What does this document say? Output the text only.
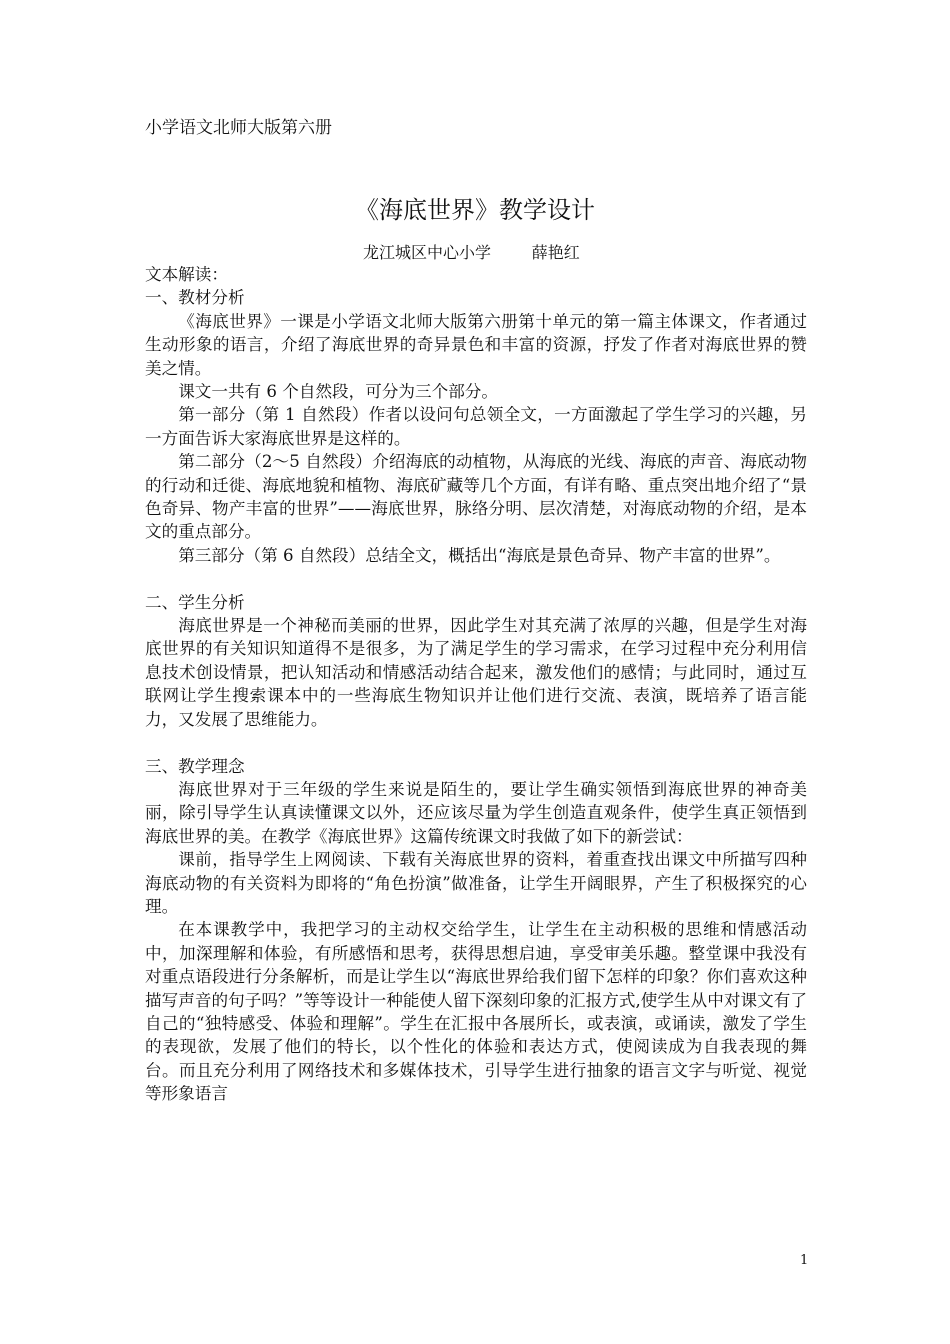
小学语文北师大版第六册
《海底世界》教学设计
龙江城区中心小学	薛艳红

文本解读：

一、教材分析

《海底世界》一课是小学语文北师大版第六册第十单元的第一篇主体课文，作者通过生动形象的语言，介绍了海底世界的奇异景色和丰富的资源，抒发了作者对海底世界的赞美之情。

课文一共有 6 个自然段，可分为三个部分。

第一部分（第 1 自然段）作者以设问句总领全文，一方面激起了学生学习的兴趣，另一方面告诉大家海底世界是这样的。

第二部分（2～5 自然段）介绍海底的动植物，从海底的光线、海底的声音、海底动物的行动和迁徙、海底地貌和植物、海底矿藏等几个方面，有详有略、重点突出地介绍了“景色奇异、物产丰富的世界”——海底世界，脉络分明、层次清楚，对海底动物的介绍，是本文的重点部分。

第三部分（第 6 自然段）总结全文，概括出“海底是景色奇异、物产丰富的世界”。

二、学生分析

海底世界是一个神秘而美丽的世界，因此学生对其充满了浓厚的兴趣，但是学生对海底世界的有关知识知道得不是很多，为了满足学生的学习需求，在学习过程中充分利用信息技术创设情景，把认知活动和情感活动结合起来，激发他们的感情；与此同时，通过互联网让学生搜索课本中的一些海底生物知识并让他们进行交流、表演，既培养了语言能力，又发展了思维能力。

三、教学理念

海底世界对于三年级的学生来说是陌生的，要让学生确实领悟到海底世界的神奇美丽，除引导学生认真读懂课文以外，还应该尽量为学生创造直观条件，使学生真正领悟到海底世界的美。在教学《海底世界》这篇传统课文时我做了如下的新尝试：

课前，指导学生上网阅读、下载有关海底世界的资料，着重查找出课文中所描写四种海底动物的有关资料为即将的“角色扮演”做准备，让学生开阔眼界，产生了积极探究的心理。

在本课教学中，我把学习的主动权交给学生，让学生在主动积极的思维和情感活动中，加深理解和体验，有所感悟和思考，获得思想启迪，享受审美乐趣。整堂课中我没有对重点语段进行分条解析，而是让学生以“海底世界给我们留下怎样的印象？你们喜欢这种描写声音的句子吗？”等等设计一种能使人留下深刻印象的汇报方式,使学生从中对课文有了自己的“独特感受、体验和理解”。学生在汇报中各展所长，或表演，或诵读，激发了学生的表现欲，发展了他们的特长，以个性化的体验和表达方式，使阅读成为自我表现的舞台。而且充分利用了网络技术和多媒体技术，引导学生进行抽象的语言文字与听觉、视觉等形象语言

1
